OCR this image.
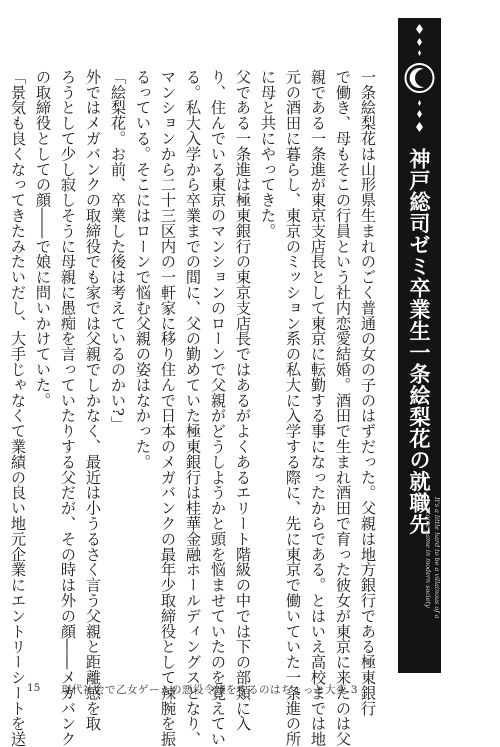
神戸総司ゼミ卒業生一条絵梨花の就職先
It's a little hard to be a villainous of a
otome game in modern society
一条絵梨花は山形県生まれのごく普通の女の子のはずだった。父親は地方銀行である極東銀行
で働き、母もそこの行員という社内恋愛結婚。酒田で生まれ酒田で育った彼女が東京に来たのは父
親である一条進が東京支店長として東京に転勤する事になったからである。とはいえ高校までは地
元の酒田に暮らし、東京のミッション系の私大に入学する際に、先に東京で働いていた一条進の所
に母と共にやってきた。
父である一条進は極東銀行の東京支店長ではあるがよくあるエリート階級の中では下の部類に入
り、住んでいる東京のマンションのローンで父親がどうしようかと頭を悩ませていたのを覚えてい
る。私大入学から卒業までの間に、父の勤めていた極東銀行は桂華金融ホールディングスとなり、
マンションから二十三区内の一軒家に移り住んで日本のメガバンクの最年少取締役として辣腕を振
るっている。そこにはローンで悩む父親の姿はなかった。
「絵梨花。お前、卒業した後は考えているのかい?」
外ではメガバンクの取締役でも家では父親でしかなく、最近は小うるさく言う父親と距離感を取
ろうとして少し寂しそうに母親に愚痴を言っていたりする父だが、その時は外の顔――メガバンク
の取締役としての顔――で娘に問いかけていた。
「景気も良くなってきたみたいだし、大手じゃなくて業績の良い地元企業にエントリーシートを送 15 現代社会で乙女ゲームの悪役令嬢をするのはちょっと大変 3
